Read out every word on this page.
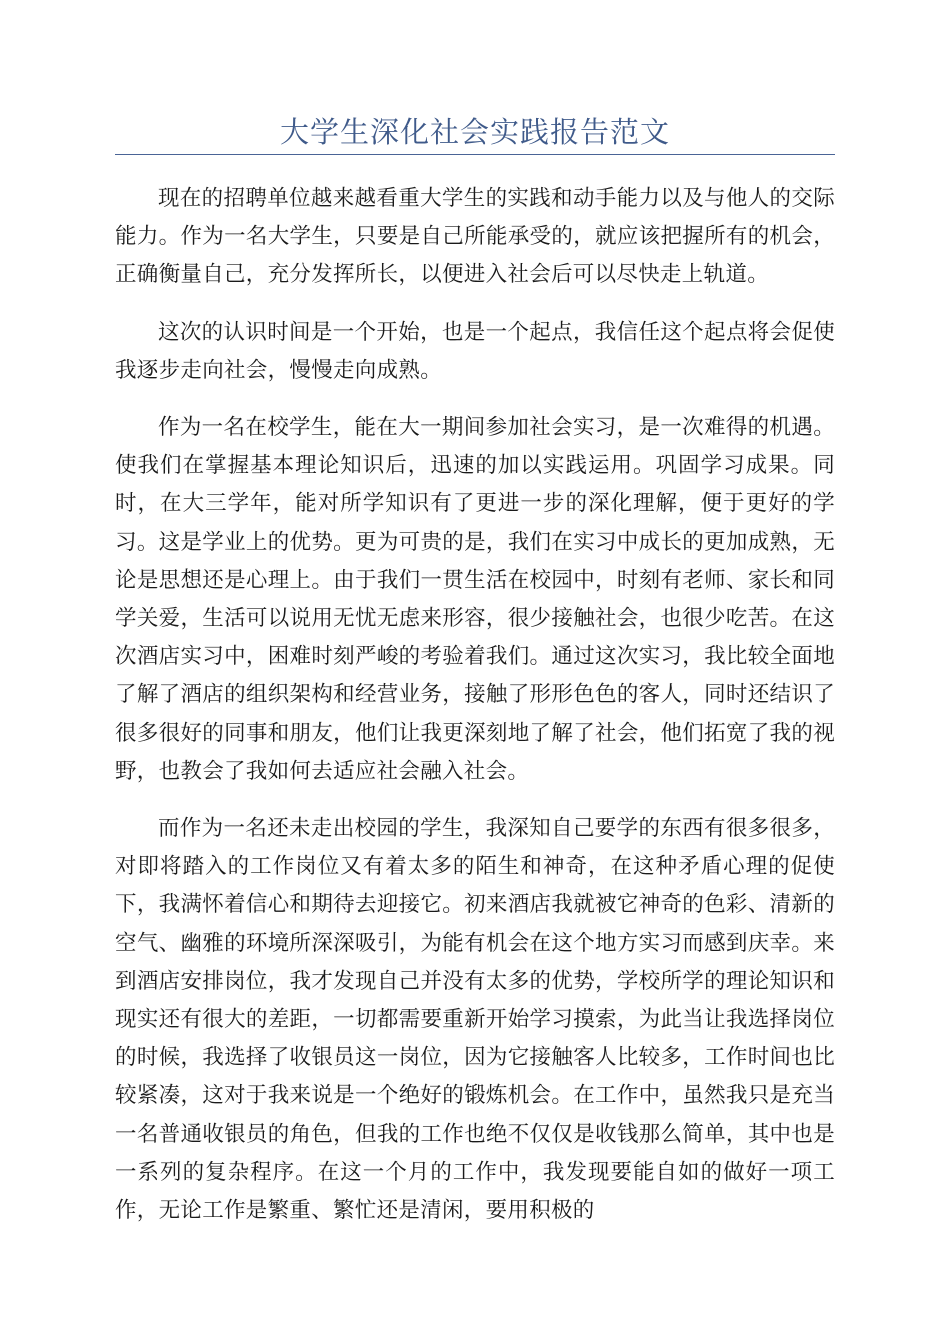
大学生深化社会实践报告范文

现在的招聘单位越来越看重大学生的实践和动手能力以及与他人的交际能力。作为一名大学生，只要是自己所能承受的，就应该把握所有的机会，正确衡量自己，充分发挥所长，以便进入社会后可以尽快走上轨道。

这次的认识时间是一个开始，也是一个起点，我信任这个起点将会促使我逐步走向社会，慢慢走向成熟。

作为一名在校学生，能在大一期间参加社会实习，是一次难得的机遇。使我们在掌握基本理论知识后，迅速的加以实践运用。巩固学习成果。同时，在大三学年，能对所学知识有了更进一步的深化理解，便于更好的学习。这是学业上的优势。更为可贵的是，我们在实习中成长的更加成熟，无论是思想还是心理上。由于我们一贯生活在校园中，时刻有老师、家长和同学关爱，生活可以说用无忧无虑来形容，很少接触社会，也很少吃苦。在这次酒店实习中，困难时刻严峻的考验着我们。通过这次实习，我比较全面地了解了酒店的组织架构和经营业务，接触了形形色色的客人，同时还结识了很多很好的同事和朋友，他们让我更深刻地了解了社会，他们拓宽了我的视野，也教会了我如何去适应社会融入社会。

而作为一名还未走出校园的学生，我深知自己要学的东西有很多很多，对即将踏入的工作岗位又有着太多的陌生和神奇，在这种矛盾心理的促使下，我满怀着信心和期待去迎接它。初来酒店我就被它神奇的色彩、清新的空气、幽雅的环境所深深吸引，为能有机会在这个地方实习而感到庆幸。来到酒店安排岗位，我才发现自己并没有太多的优势，学校所学的理论知识和现实还有很大的差距，一切都需要重新开始学习摸索，为此当让我选择岗位的时候，我选择了收银员这一岗位，因为它接触客人比较多，工作时间也比较紧凑，这对于我来说是一个绝好的锻炼机会。在工作中，虽然我只是充当一名普通收银员的角色，但我的工作也绝不仅仅是收钱那么简单，其中也是一系列的复杂程序。在这一个月的工作中，我发现要能自如的做好一项工作，无论工作是繁重、繁忙还是清闲，要用积极的
